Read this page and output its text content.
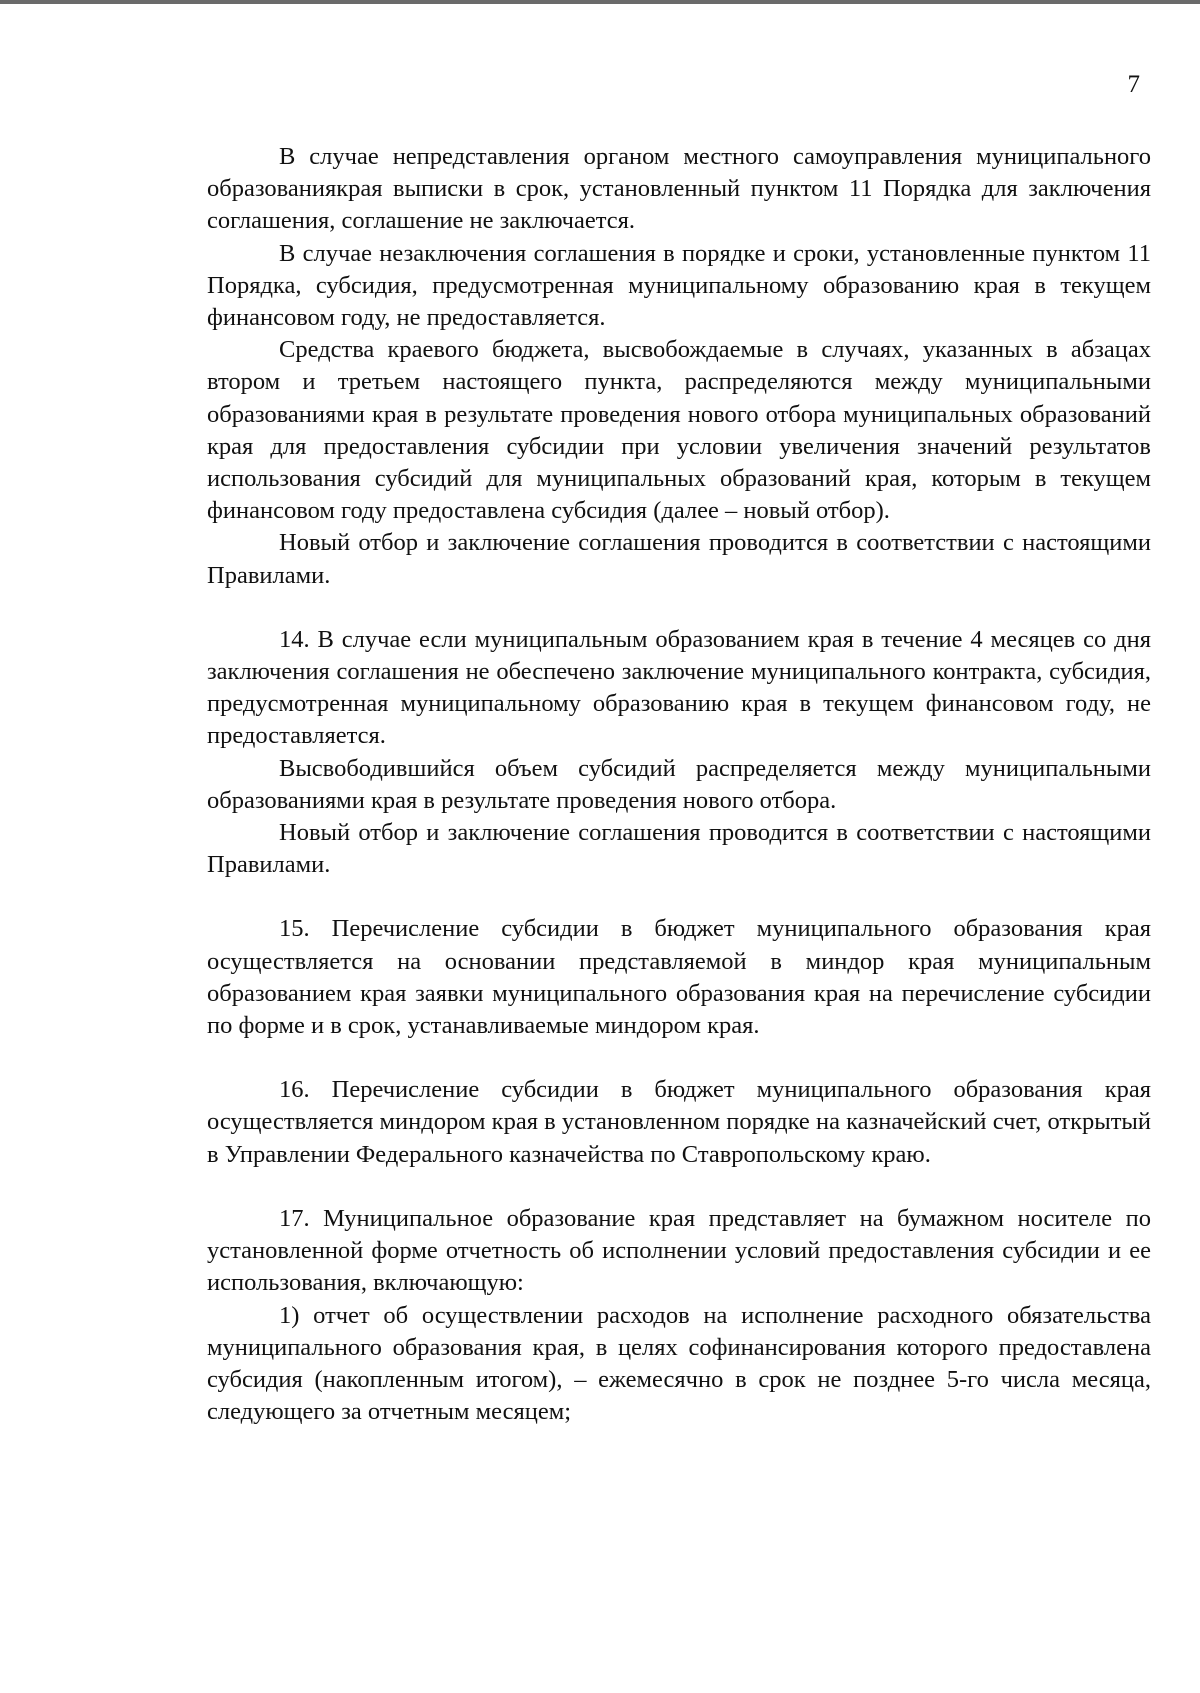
7

В случае непредставления органом местного самоуправления муниципального образованиякрая выписки в срок, установленный пунктом 11 Порядка для заключения соглашения, соглашение не заключается.

В случае незаключения соглашения в порядке и сроки, установленные пунктом 11 Порядка, субсидия, предусмотренная муниципальному образованию края в текущем финансовом году, не предоставляется.

Средства краевого бюджета, высвобождаемые в случаях, указанных в абзацах втором и третьем настоящего пункта, распределяются между муниципальными образованиями края в результате проведения нового отбора муниципальных образований края для предоставления субсидии при условии увеличения значений результатов использования субсидий для муниципальных образований края, которым в текущем финансовом году предоставлена субсидия (далее – новый отбор).

Новый отбор и заключение соглашения проводится в соответствии с настоящими Правилами.

14. В случае если муниципальным образованием края в течение 4 месяцев со дня заключения соглашения не обеспечено заключение муниципального контракта, субсидия, предусмотренная муниципальному образованию края в текущем финансовом году, не предоставляется.

Высвободившийся объем субсидий распределяется между муниципальными образованиями края в результате проведения нового отбора.

Новый отбор и заключение соглашения проводится в соответствии с настоящими Правилами.

15. Перечисление субсидии в бюджет муниципального образования края осуществляется на основании представляемой в миндор края муниципальным образованием края заявки муниципального образования края на перечисление субсидии по форме и в срок, устанавливаемые миндором края.

16. Перечисление субсидии в бюджет муниципального образования края осуществляется миндором края в установленном порядке на казначейский счет, открытый в Управлении Федерального казначейства по Ставропольскому краю.

17. Муниципальное образование края представляет на бумажном носителе по установленной форме отчетность об исполнении условий предоставления субсидии и ее использования, включающую:

1) отчет об осуществлении расходов на исполнение расходного обязательства муниципального образования края, в целях софинансирования которого предоставлена субсидия (накопленным итогом), – ежемесячно в срок не позднее 5-го числа месяца, следующего за отчетным месяцем;
